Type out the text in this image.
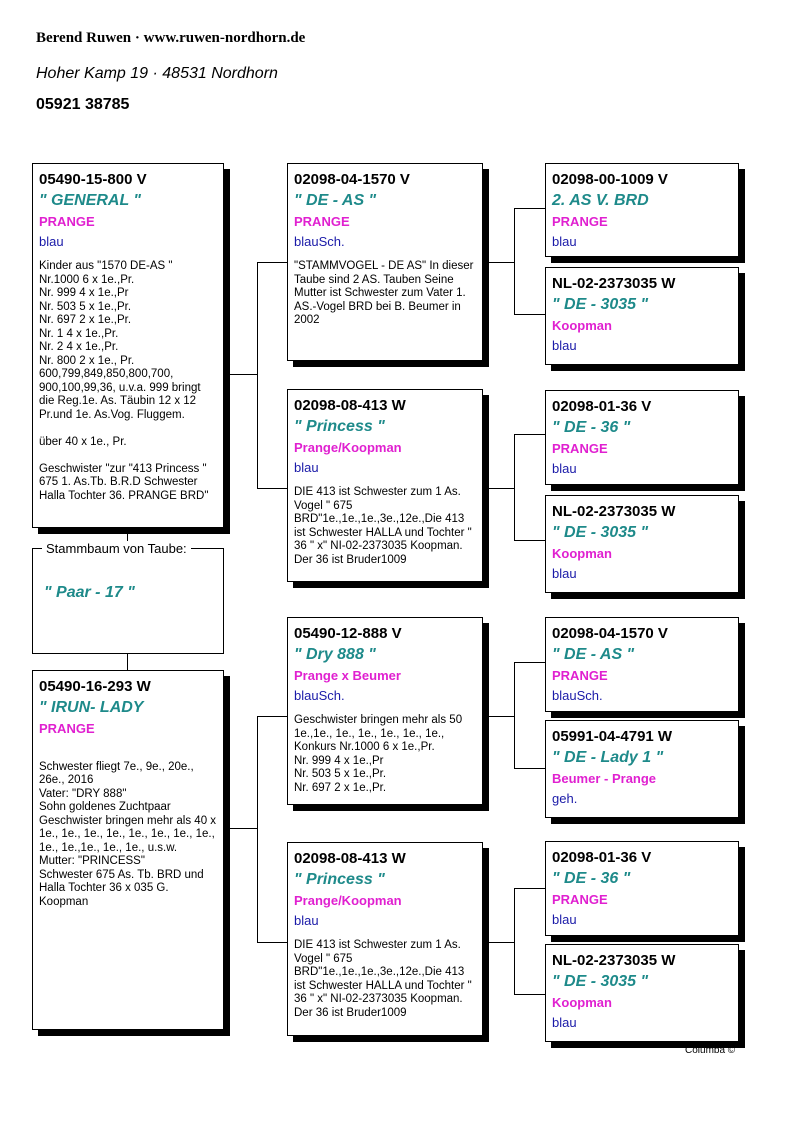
Berend Ruwen · www.ruwen-nordhorn.de
Hoher Kamp 19 · 48531 Nordhorn
05921 38785
05490-15-800 V
" GENERAL "
PRANGE
blau
Kinder aus "1570 DE-AS "
Nr.1000 6 x 1e.,Pr.
Nr. 999 4 x 1e.,Pr
Nr. 503 5 x 1e.,Pr.
Nr. 697 2 x 1e.,Pr.
Nr. 1 4 x 1e.,Pr.
Nr. 2 4 x 1e.,Pr.
Nr. 800 2 x 1e., Pr.
600,799,849,850,800,700,
900,100,99,36, u.v.a. 999 bringt die Reg.1e. As. Täubin 12 x 12 Pr.und 1e. As.Vog. Fluggem.

über 40 x 1e., Pr.

Geschwister "zur "413 Princess " 675 1. As.Tb. B.R.D Schwester Halla Tochter 36. PRANGE BRD"
Stammbaum von Taube:
" Paar - 17 "
05490-16-293 W
" IRUN- LADY
PRANGE

Schwester fliegt 7e., 9e., 20e., 26e., 2016
Vater: "DRY 888"
Sohn goldenes Zuchtpaar
Geschwister bringen mehr als 40 x 1e., 1e., 1e., 1e., 1e., 1e., 1e., 1e., 1e., 1e.,1e., 1e., 1e., u.s.w.
Mutter: "PRINCESS"
Schwester 675 As. Tb. BRD und Halla Tochter 36 x 035 G. Koopman
02098-04-1570 V
" DE - AS "
PRANGE
blauSch.
"STAMMVOGEL - DE AS" In dieser Taube sind 2 AS. Tauben Seine Mutter ist Schwester zum Vater 1. AS.-Vogel BRD bei B. Beumer in 2002
02098-08-413 W
" Princess "
Prange/Koopman
blau
DIE 413 ist Schwester zum 1 As. Vogel " 675 BRD"1e.,1e.,1e.,3e.,12e.,Die 413 ist Schwester HALLA und Tochter " 36 " x" NI-02-2373035 Koopman. Der 36 ist Bruder1009
05490-12-888 V
" Dry 888 "
Prange x Beumer
blauSch.
Geschwister bringen mehr als 50 1e.,1e., 1e., 1e., 1e., 1e., 1e., Konkurs Nr.1000 6 x 1e.,Pr.
Nr. 999 4 x 1e.,Pr
Nr. 503 5 x 1e.,Pr.
Nr. 697 2 x 1e.,Pr.
02098-08-413 W
" Princess "
Prange/Koopman
blau
DIE 413 ist Schwester zum 1 As. Vogel " 675 BRD"1e.,1e.,1e.,3e.,12e.,Die 413 ist Schwester HALLA und Tochter " 36 " x" NI-02-2373035 Koopman. Der 36 ist Bruder1009
02098-00-1009 V
2. AS V. BRD
PRANGE
blau
NL-02-2373035 W
" DE - 3035 "
Koopman
blau
02098-01-36 V
" DE - 36 "
PRANGE
blau
NL-02-2373035 W
" DE - 3035 "
Koopman
blau
02098-04-1570 V
" DE - AS "
PRANGE
blauSch.
05991-04-4791 W
" DE - Lady 1 "
Beumer - Prange
geh.
02098-01-36 V
" DE - 36 "
PRANGE
blau
NL-02-2373035 W
" DE - 3035 "
Koopman
blau
Columba ©
